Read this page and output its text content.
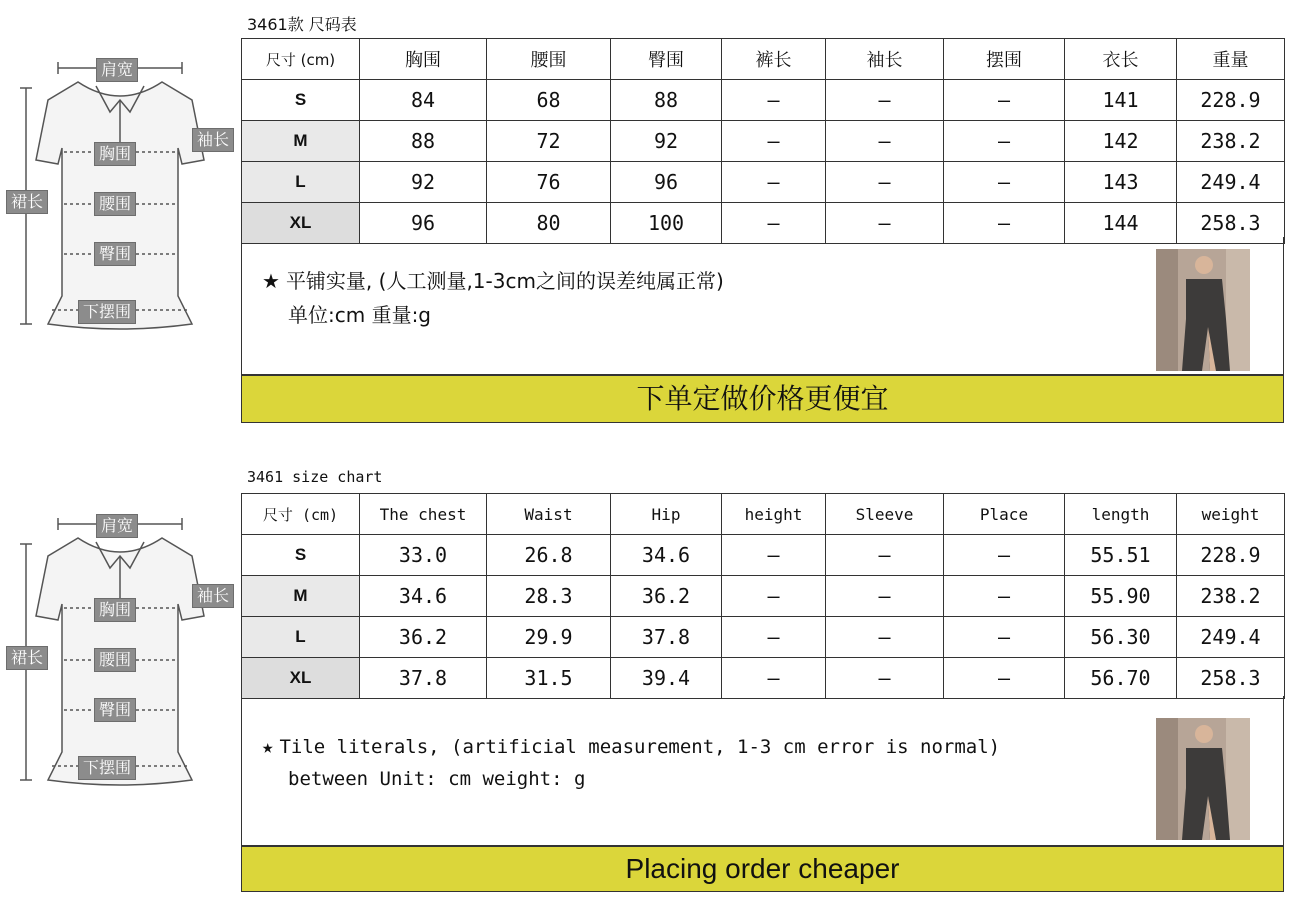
肩宽
袖长
裙长
胸围
腰围
臀围
下摆围
3461款 尺码表
尺寸 (cm)	胸围	腰围	臀围	裤长	袖长	摆围	衣长	重量
S	84	68	88	—	—	—	141	228.9
M	88	72	92	—	—	—	142	238.2
L	92	76	96	—	—	—	143	249.4
XL	96	80	100	—	—	—	144	258.3
★ 平铺实量, (人工测量,1-3cm之间的误差纯属正常)
单位:cm 重量:g
下单定做价格更便宜
肩宽
袖长
裙长
胸围
腰围
臀围
下摆围
3461 size chart
尺寸 (cm)	The chest	Waist	Hip	height	Sleeve	Place	length	weight
S	33.0	26.8	34.6	—	—	—	55.51	228.9
M	34.6	28.3	36.2	—	—	—	55.90	238.2
L	36.2	29.9	37.8	—	—	—	56.30	249.4
XL	37.8	31.5	39.4	—	—	—	56.70	258.3
★ Tile literals, (artificial measurement, 1-3 cm error is normal)
between Unit: cm weight: g
Placing order cheaper
